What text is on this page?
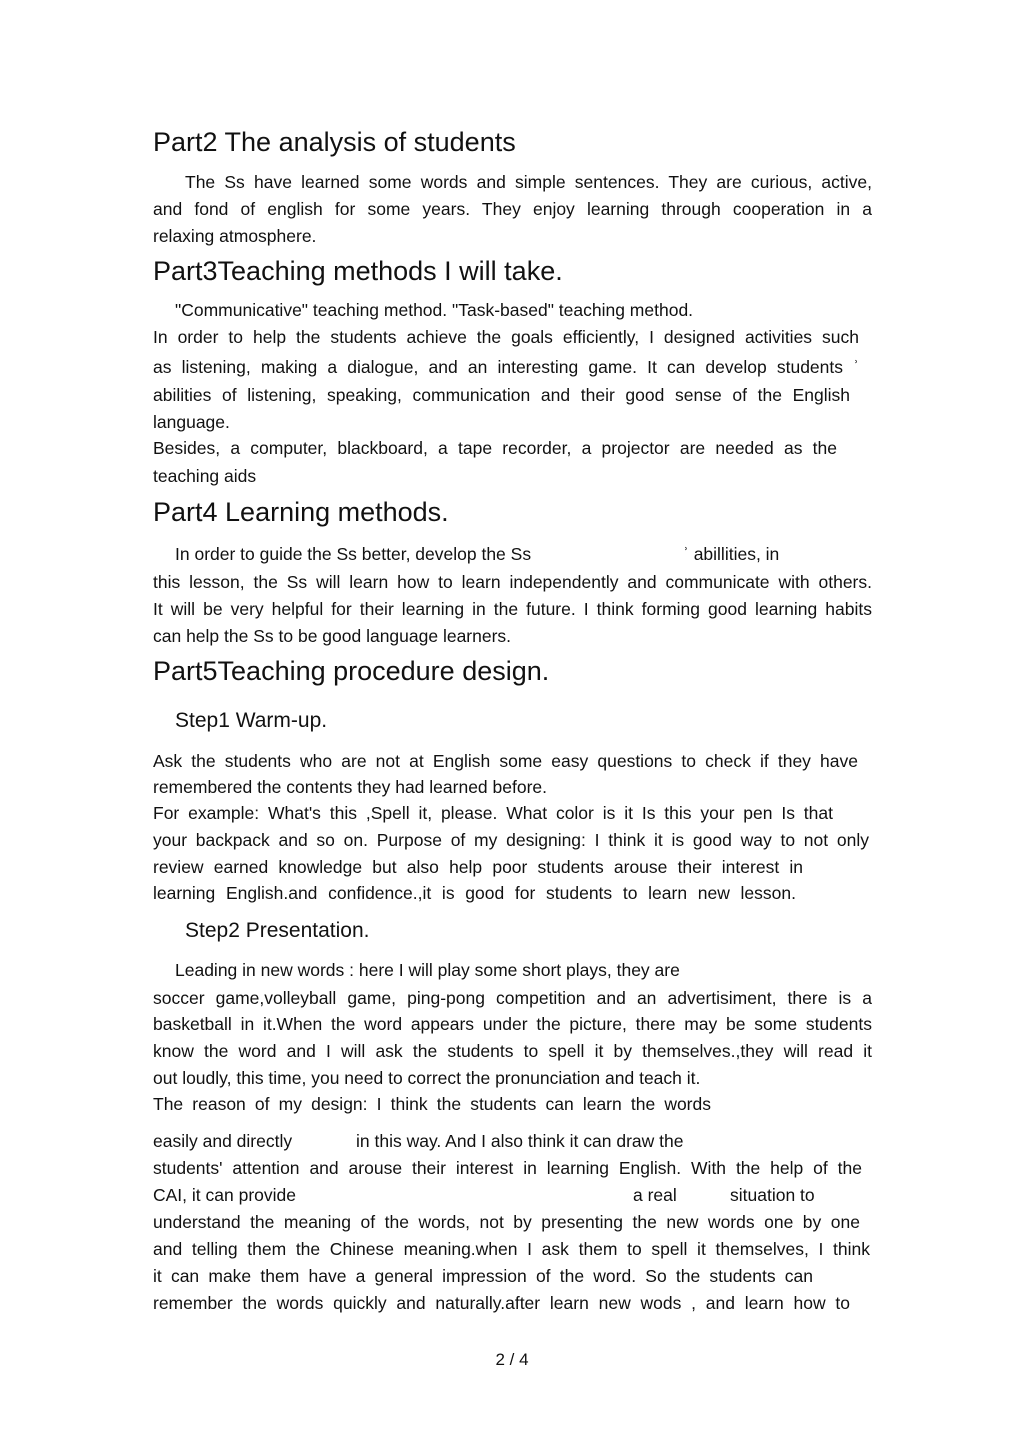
Part2 The analysis of students
The Ss have learned some words and simple sentences. They are curious, active,
and fond of english for some years. They enjoy learning through cooperation in a
relaxing atmosphere.
Part3Teaching methods I will take.
"Communicative" teaching method. "Task-based" teaching method.
In order to help the students achieve the goals efficiently, I designed activities such
as listening, making a dialogue, and an interesting game. It can develop students ʾ
abilities of listening, speaking, communication and their good sense of the English
language.
Besides, a computer, blackboard, a tape recorder, a projector are needed as the
teaching aids
Part4 Learning methods.
In order to guide the Ss better, develop the Ss	ʾ abillities, in
this lesson, the Ss will learn how to learn independently and communicate with others.
It will be very helpful for their learning in the future. I think forming good learning habits
can help the Ss to be good language learners.
Part5Teaching procedure design.
Step1 Warm-up.
Ask the students who are not at English some easy questions to check if they have
remembered the contents they had learned before.
For example: What's this ,Spell it, please. What color is it Is this your pen Is that
your backpack and so on. Purpose of my designing: I think it is good way to not only
review earned knowledge but also help poor students arouse their interest in
learning English.and confidence.,it is good for students to learn new lesson.
Step2 Presentation.
Leading in new words : here I will play some short plays, they are
soccer game,volleyball game, ping-pong competition and an advertisiment, there is a
basketball in it.When the word appears under the picture, there may be some students
know the word and I will ask the students to spell it by themselves.,they will read it
out loudly, this time, you need to correct the pronunciation and teach it.
The reason of my design: I think the students can learn the words
easily and directly	in this way. And I also think it can draw the
students' attention and arouse their interest in learning English. With the help of the
CAI, it can provide	a real	situation to
understand the meaning of the words, not by presenting the new words one by one
and telling them the Chinese meaning.when I ask them to spell it themselves, I think
it can make them have a general impression of the word. So the students can
remember the words quickly and naturally.after learn new wods , and learn how to
2 / 4
